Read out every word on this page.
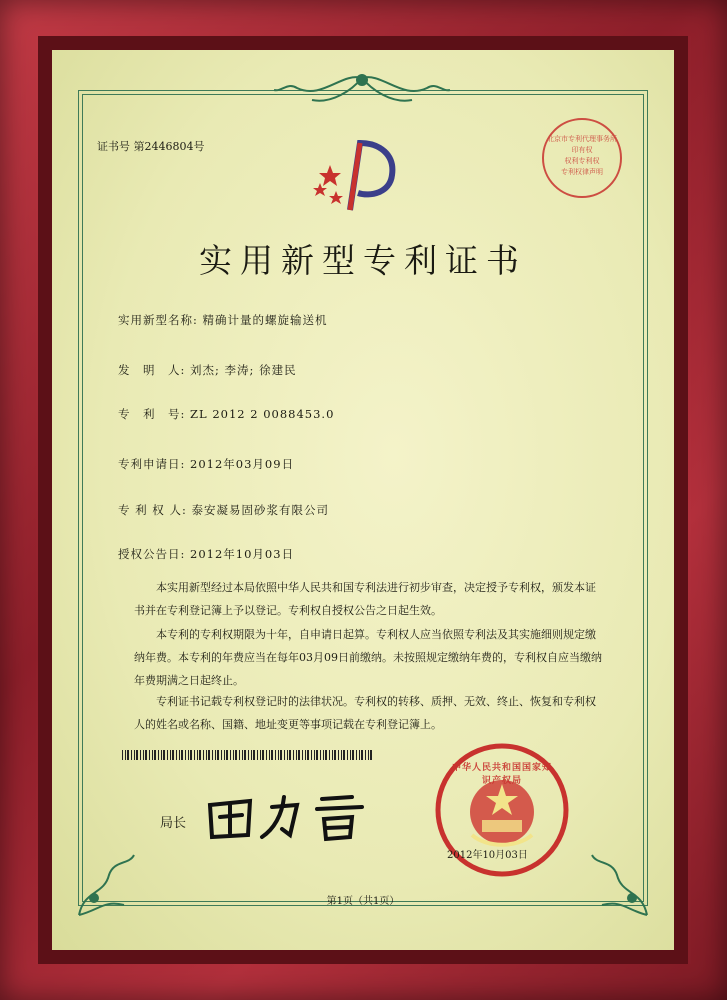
证书号 第2446804号
北京市专利代理事务所
印有权
权利专利权
专利权律声明
实用新型专利证书
实用新型名称: 精确计量的螺旋输送机
发　明　人: 刘杰; 李涛; 徐建民
专　利　号: ZL 2012 2 0088453.0
专利申请日: 2012年03月09日
专 利 权 人: 泰安凝易固砂浆有限公司
授权公告日: 2012年10月03日
本实用新型经过本局依照中华人民共和国专利法进行初步审查，决定授予专利权，颁发本证书并在专利登记簿上予以登记。专利权自授权公告之日起生效。
本专利的专利权期限为十年，自申请日起算。专利权人应当依照专利法及其实施细则规定缴纳年费。本专利的年费应当在每年03月09日前缴纳。未按照规定缴纳年费的，专利权自应当缴纳年费期满之日起终止。
专利证书记载专利权登记时的法律状况。专利权的转移、质押、无效、终止、恢复和专利权人的姓名或名称、国籍、地址变更等事项记载在专利登记簿上。
局长
中华人民共和国国家知识产权局
2012年10月03日
第1页（共1页）
